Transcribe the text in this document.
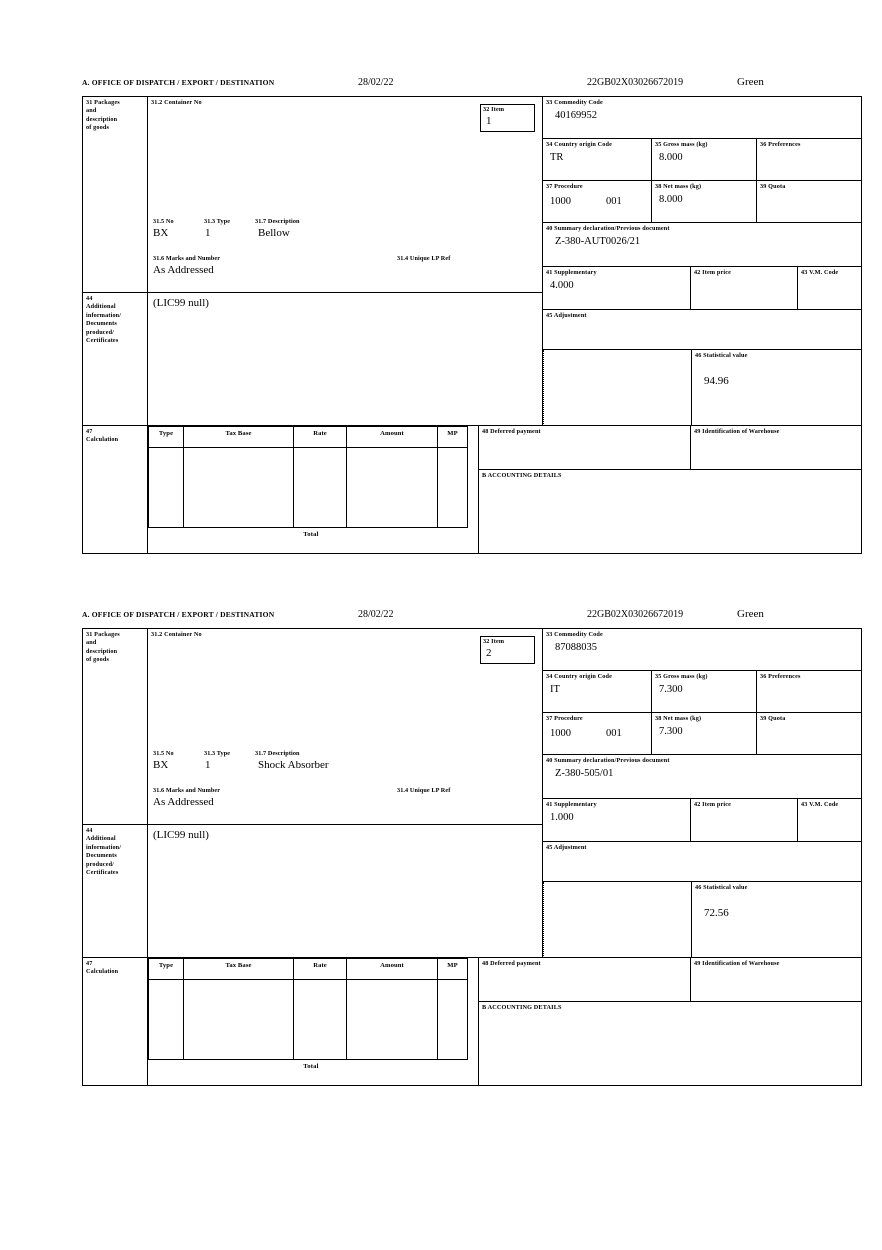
A. OFFICE OF DISPATCH / EXPORT / DESTINATION	28/02/22	22GB02X03026672019	Green
31 Packages
and
description
of goods
31.2 Container No
31.5 No	31.3 Type	31.7 Description
BX	1	Bellow
31.6 Marks and Number	31.4 Unique LP Ref
As Addressed
32 Item
1
33 Commodity Code
40169952
34 Country origin Code
TR
35 Gross mass (kg)
8.000
36 Preferences
37 Procedure
1000	001
38 Net mass (kg)
8.000
39 Quota
40 Summary declaration/Previous document
Z-380-AUT0026/21
41 Supplementary
4.000
42 Item price	43 V.M. Code
44
Additional
information/
Documents
produced/
Certificates
(LIC99 null)
45 Adjustment
46 Statistical value
94.96
47
Calculation
Type	Tax Base	Rate	Amount	MP
Total
48 Deferred payment	49 Identification of Warehouse
B ACCOUNTING DETAILS
A. OFFICE OF DISPATCH / EXPORT / DESTINATION	28/02/22	22GB02X03026672019	Green
31 Packages
and
description
of goods
31.2 Container No
31.5 No	31.3 Type	31.7 Description
BX	1	Shock Absorber
31.6 Marks and Number	31.4 Unique LP Ref
As Addressed
32 Item
2
33 Commodity Code
87088035
34 Country origin Code
IT
35 Gross mass (kg)
7.300
36 Preferences
37 Procedure
1000	001
38 Net mass (kg)
7.300
39 Quota
40 Summary declaration/Previous document
Z-380-505/01
41 Supplementary
1.000
42 Item price	43 V.M. Code
44
Additional
information/
Documents
produced/
Certificates
(LIC99 null)
45 Adjustment
46 Statistical value
72.56
47
Calculation
Type	Tax Base	Rate	Amount	MP
Total
48 Deferred payment	49 Identification of Warehouse
B ACCOUNTING DETAILS
